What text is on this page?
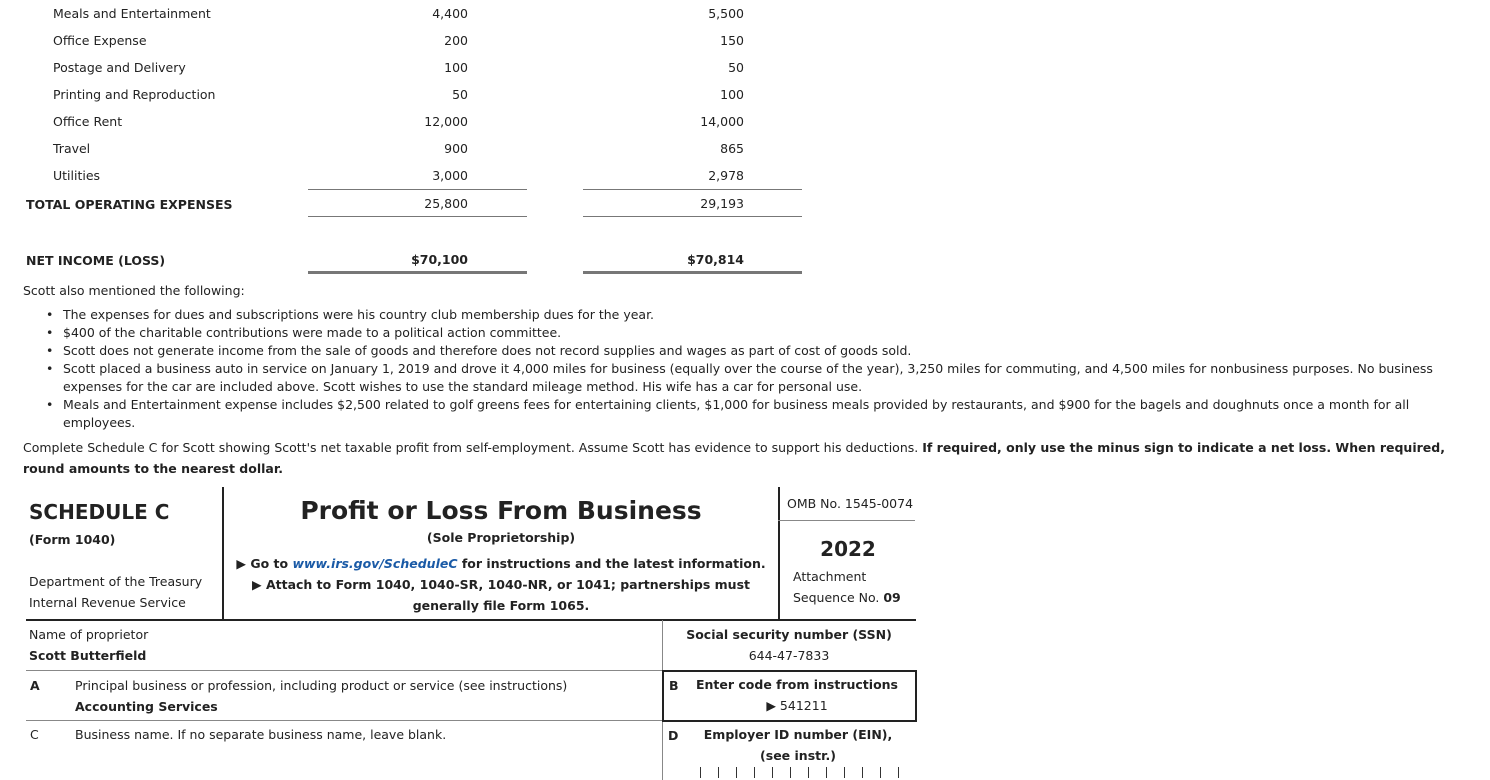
Meals and Entertainment	4,400	5,500
Office Expense	200	150
Postage and Delivery	100	50
Printing and Reproduction	50	100
Office Rent	12,000	14,000
Travel	900	865
Utilities	3,000	2,978
TOTAL OPERATING EXPENSES	25,800	29,193
NET INCOME (LOSS)	$70,100	$70,814
Scott also mentioned the following:
• The expenses for dues and subscriptions were his country club membership dues for the year.
• $400 of the charitable contributions were made to a political action committee.
• Scott does not generate income from the sale of goods and therefore does not record supplies and wages as part of cost of goods sold.
• Scott placed a business auto in service on January 1, 2019 and drove it 4,000 miles for business (equally over the course of the year), 3,250 miles for commuting, and 4,500 miles for nonbusiness purposes. No business expenses for the car are included above. Scott wishes to use the standard mileage method. His wife has a car for personal use.
• Meals and Entertainment expense includes $2,500 related to golf greens fees for entertaining clients, $1,000 for business meals provided by restaurants, and $900 for the bagels and doughnuts once a month for all employees.
Complete Schedule C for Scott showing Scott's net taxable profit from self-employment. Assume Scott has evidence to support his deductions. If required, only use the minus sign to indicate a net loss. When required, round amounts to the nearest dollar.
SCHEDULE C
(Form 1040)
Department of the Treasury
Internal Revenue Service
Profit or Loss From Business
(Sole Proprietorship)
▶ Go to www.irs.gov/ScheduleC for instructions and the latest information.
▶ Attach to Form 1040, 1040-SR, 1040-NR, or 1041; partnerships must
generally file Form 1065.
OMB No. 1545-0074
2022
Attachment
Sequence No. 09
Name of proprietor
Scott Butterfield
Social security number (SSN)
644-47-7833
A	Principal business or profession, including product or service (see instructions)
Accounting Services
B	Enter code from instructions
▶ 541211
C	Business name. If no separate business name, leave blank.	D	Employer ID number (EIN),
(see instr.)
